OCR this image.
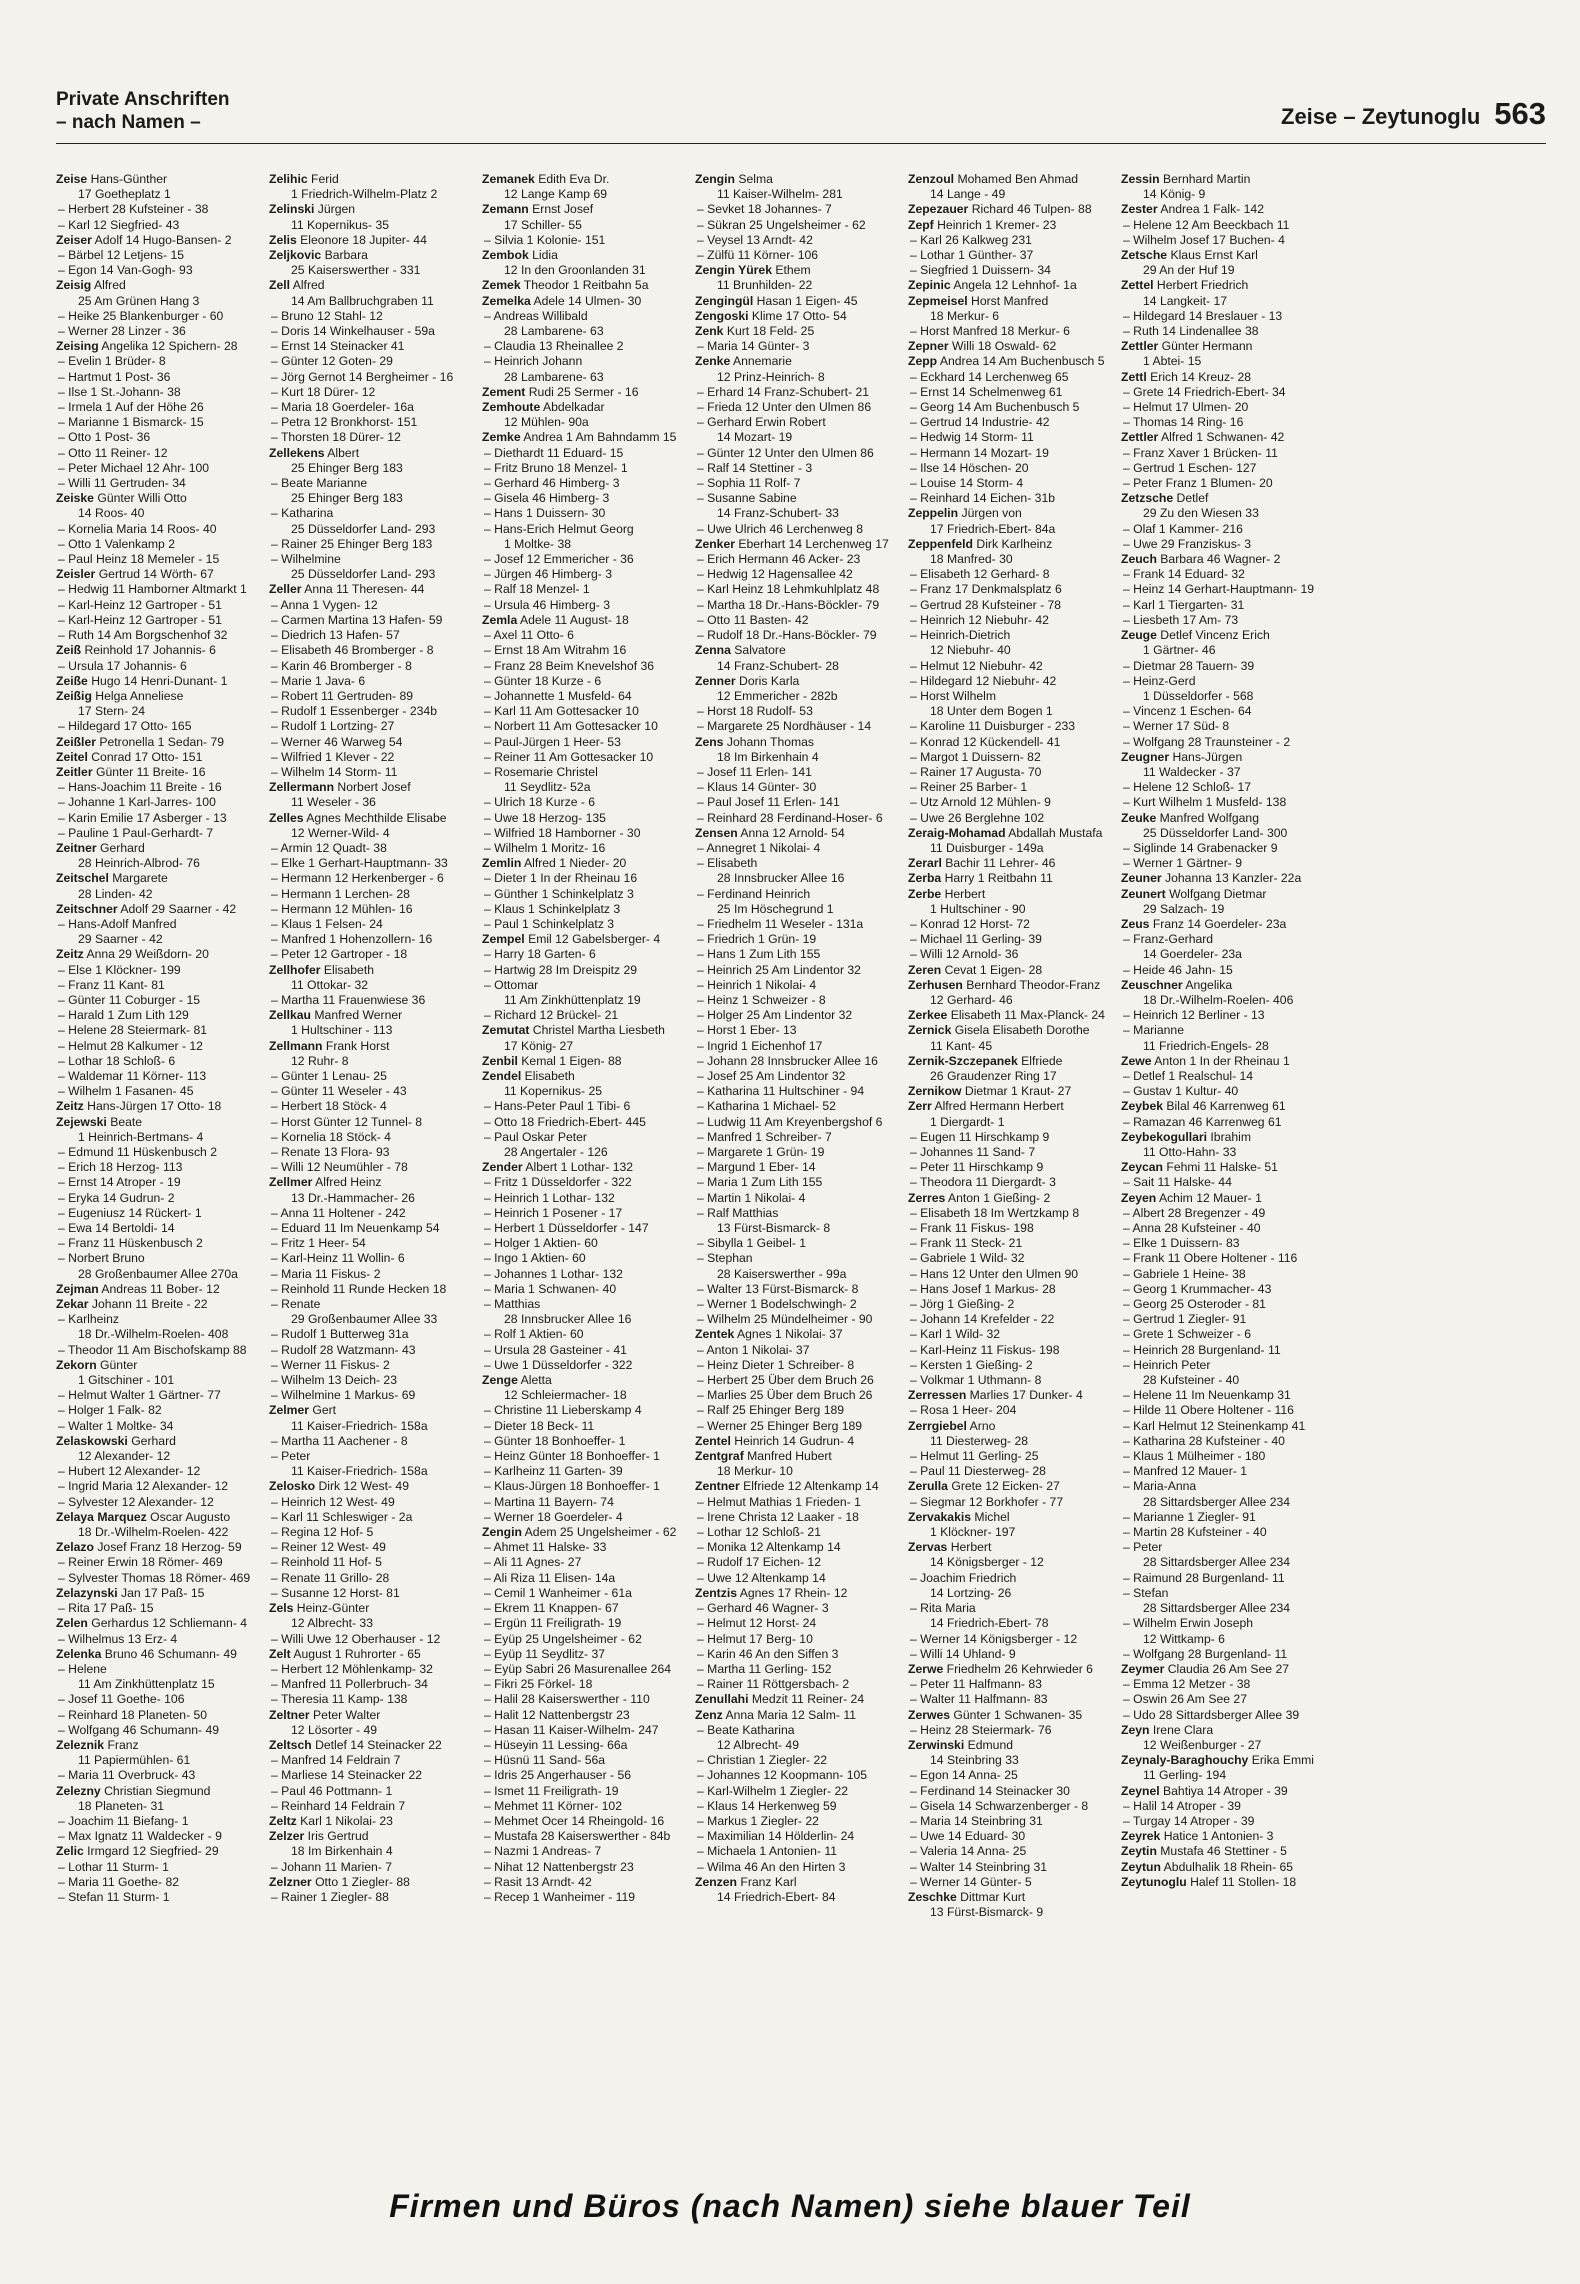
Private Anschriften
– nach Namen –	Zeise – Zeytunoglu 563
Zeise Hans-Günther
17 Goetheplatz 1
– Herbert 28 Kufsteiner - 38
– Karl 12 Siegfried- 43
Zeiser Adolf 14 Hugo-Bansen- 2
– Bärbel 12 Letjens- 15
– Egon 14 Van-Gogh- 93
Zeisig Alfred
25 Am Grünen Hang 3
– Heike 25 Blankenburger - 60
– Werner 28 Linzer - 36
Zeising Angelika 12 Spichern- 28
– Evelin 1 Brüder- 8
– Hartmut 1 Post- 36
– Ilse 1 St.-Johann- 38
– Irmela 1 Auf der Höhe 26
– Marianne 1 Bismarck- 15
– Otto 1 Post- 36
– Otto 11 Reiner- 12
– Peter Michael 12 Ahr- 100
– Willi 11 Gertruden- 34
Zeiske Günter Willi Otto
14 Roos- 40
– Kornelia Maria 14 Roos- 40
– Otto 1 Valenkamp 2
– Paul Heinz 18 Memeler - 15
Zeisler Gertrud 14 Wörth- 67
– Hedwig 11 Hamborner Altmarkt 1
– Karl-Heinz 12 Gartroper - 51
– Karl-Heinz 12 Gartroper - 51
– Ruth 14 Am Borgschenhof 32
Zeiß Reinhold 17 Johannis- 6
– Ursula 17 Johannis- 6
Zeiße Hugo 14 Henri-Dunant- 1
Zeißig Helga Anneliese
17 Stern- 24
– Hildegard 17 Otto- 165
Zeißler Petronella 1 Sedan- 79
Zeitel Conrad 17 Otto- 151
Zeitler Günter 11 Breite- 16
– Hans-Joachim 11 Breite - 16
– Johanne 1 Karl-Jarres- 100
– Karin Emilie 17 Asberger - 13
– Pauline 1 Paul-Gerhardt- 7
Zeitner Gerhard
28 Heinrich-Albrod- 76
Zeitschel Margarete
28 Linden- 42
Zeitschner Adolf 29 Saarner - 42
– Hans-Adolf Manfred
29 Saarner - 42
Zeitz Anna 29 Weißdorn- 20
– Else 1 Klöckner- 199
– Franz 11 Kant- 81
– Günter 11 Coburger - 15
– Harald 1 Zum Lith 129
– Helene 28 Steiermark- 81
– Helmut 28 Kalkumer - 12
– Lothar 18 Schloß- 6
– Waldemar 11 Körner- 113
– Wilhelm 1 Fasanen- 45
Zeitz Hans-Jürgen 17 Otto- 18
Zejewski Beate
1 Heinrich-Bertmans- 4
– Edmund 11 Hüskenbusch 2
– Erich 18 Herzog- 113
– Ernst 14 Atroper - 19
– Eryka 14 Gudrun- 2
– Eugeniusz 14 Rückert- 1
– Ewa 14 Bertoldi- 14
– Franz 11 Hüskenbusch 2
– Norbert Bruno
28 Großenbaumer Allee 270a
Zejman Andreas 11 Bober- 12
Zekar Johann 11 Breite - 22
– Karlheinz
18 Dr.-Wilhelm-Roelen- 408
– Theodor 11 Am Bischofskamp 88
Zekorn Günter
1 Gitschiner - 101
– Helmut Walter 1 Gärtner- 77
– Holger 1 Falk- 82
– Walter 1 Moltke- 34
Zelaskowski Gerhard
12 Alexander- 12
– Hubert 12 Alexander- 12
– Ingrid Maria 12 Alexander- 12
– Sylvester 12 Alexander- 12
Zelaya Marquez Oscar Augusto
18 Dr.-Wilhelm-Roelen- 422
Zelazo Josef Franz 18 Herzog- 59
– Reiner Erwin 18 Römer- 469
– Sylvester Thomas 18 Römer- 469
Zelazynski Jan 17 Paß- 15
– Rita 17 Paß- 15
Zelen Gerhardus 12 Schliemann- 4
– Wilhelmus 13 Erz- 4
Zelenka Bruno 46 Schumann- 49
– Helene
11 Am Zinkhüttenplatz 15
– Josef 11 Goethe- 106
– Reinhard 18 Planeten- 50
– Wolfgang 46 Schumann- 49
Zeleznik Franz
11 Papiermühlen- 61
– Maria 11 Overbruck- 43
Zelezny Christian Siegmund
18 Planeten- 31
– Joachim 11 Biefang- 1
– Max Ignatz 11 Waldecker - 9
Zelic Irmgard 12 Siegfried- 29
– Lothar 11 Sturm- 1
– Maria 11 Goethe- 82
– Stefan 11 Sturm- 1
Zelihic Ferid
1 Friedrich-Wilhelm-Platz 2
Zelinski Jürgen
11 Kopernikus- 35
Zelis Eleonore 18 Jupiter- 44
Zeljkovic Barbara
25 Kaiserswerther - 331
Zell Alfred
14 Am Ballbruchgraben 11
– Bruno 12 Stahl- 12
– Doris 14 Winkelhauser - 59a
– Ernst 14 Steinacker 41
– Günter 12 Goten- 29
– Jörg Gernot 14 Bergheimer - 16
– Kurt 18 Dürer- 12
– Maria 18 Goerdeler- 16a
– Petra 12 Bronkhorst- 151
– Thorsten 18 Dürer- 12
Zellekens Albert
25 Ehinger Berg 183
– Beate Marianne
25 Ehinger Berg 183
– Katharina
25 Düsseldorfer Land- 293
– Rainer 25 Ehinger Berg 183
– Wilhelmine
25 Düsseldorfer Land- 293
Zeller Anna 11 Theresen- 44
– Anna 1 Vygen- 12
– Carmen Martina 13 Hafen- 59
– Diedrich 13 Hafen- 57
– Elisabeth 46 Bromberger - 8
– Karin 46 Bromberger - 8
– Marie 1 Java- 6
– Robert 11 Gertruden- 89
– Rudolf 1 Essenberger - 234b
– Rudolf 1 Lortzing- 27
– Werner 46 Warweg 54
– Wilfried 1 Klever - 22
– Wilhelm 14 Storm- 11
Zellermann Norbert Josef
11 Weseler - 36
Zelles Agnes Mechthilde Elisabe
12 Werner-Wild- 4
– Armin 12 Quadt- 38
– Elke 1 Gerhart-Hauptmann- 33
– Hermann 12 Herkenberger - 6
– Hermann 1 Lerchen- 28
– Hermann 12 Mühlen- 16
– Klaus 1 Felsen- 24
– Manfred 1 Hohenzollern- 16
– Peter 12 Gartroper - 18
Zellhofer Elisabeth
11 Ottokar- 32
– Martha 11 Frauenwiese 36
Zellkau Manfred Werner
1 Hultschiner - 113
Zellmann Frank Horst
12 Ruhr- 8
– Günter 1 Lenau- 25
– Günter 11 Weseler - 43
– Herbert 18 Stöck- 4
– Horst Günter 12 Tunnel- 8
– Kornelia 18 Stöck- 4
– Renate 13 Flora- 93
– Willi 12 Neumühler - 78
Zellmer Alfred Heinz
13 Dr.-Hammacher- 26
– Anna 11 Holtener - 242
– Eduard 11 Im Neuenkamp 54
– Fritz 1 Heer- 54
– Karl-Heinz 11 Wollin- 6
– Maria 11 Fiskus- 2
– Reinhold 11 Runde Hecken 18
– Renate
29 Großenbaumer Allee 33
– Rudolf 1 Butterweg 31a
– Rudolf 28 Watzmann- 43
– Werner 11 Fiskus- 2
– Wilhelm 13 Deich- 23
– Wilhelmine 1 Markus- 69
Zelmer Gert
11 Kaiser-Friedrich- 158a
– Martha 11 Aachener - 8
– Peter
11 Kaiser-Friedrich- 158a
Zelosko Dirk 12 West- 49
– Heinrich 12 West- 49
– Karl 11 Schleswiger - 2a
– Regina 12 Hof- 5
– Reiner 12 West- 49
– Reinhold 11 Hof- 5
– Renate 11 Grillo- 28
– Susanne 12 Horst- 81
Zels Heinz-Günter
12 Albrecht- 33
– Willi Uwe 12 Oberhauser - 12
Zelt August 1 Ruhrorter - 65
– Herbert 12 Möhlenkamp- 32
– Manfred 11 Pollerbruch- 34
– Theresia 11 Kamp- 138
Zeltner Peter Walter
12 Lösorter - 49
Zeltsch Detlef 14 Steinacker 22
– Manfred 14 Feldrain 7
– Marliese 14 Steinacker 22
– Paul 46 Pottmann- 1
– Reinhard 14 Feldrain 7
Zeltz Karl 1 Nikolai- 23
Zelzer Iris Gertrud
18 Im Birkenhain 4
– Johann 11 Marien- 7
Zelzner Otto 1 Ziegler- 88
– Rainer 1 Ziegler- 88
Zemanek Edith Eva Dr.
12 Lange Kamp 69
Zemann Ernst Josef
17 Schiller- 55
– Silvia 1 Kolonie- 151
Zembok Lidia
12 In den Groonlanden 31
Zemek Theodor 1 Reitbahn 5a
Zemelka Adele 14 Ulmen- 30
– Andreas Willibald
28 Lambarene- 63
– Claudia 13 Rheinallee 2
– Heinrich Johann
28 Lambarene- 63
Zement Rudi 25 Sermer - 16
Zemhoute Abdelkadar
12 Mühlen- 90a
Zemke Andrea 1 Am Bahndamm 15
– Diethardt 11 Eduard- 15
– Fritz Bruno 18 Menzel- 1
– Gerhard 46 Himberg- 3
– Gisela 46 Himberg- 3
– Hans 1 Duissern- 30
– Hans-Erich Helmut Georg
1 Moltke- 38
– Josef 12 Emmericher - 36
– Jürgen 46 Himberg- 3
– Ralf 18 Menzel- 1
– Ursula 46 Himberg- 3
Zemla Adele 11 August- 18
– Axel 11 Otto- 6
– Ernst 18 Am Witrahm 16
– Franz 28 Beim Knevelshof 36
– Günter 18 Kurze - 6
– Johannette 1 Musfeld- 64
– Karl 11 Am Gottesacker 10
– Norbert 11 Am Gottesacker 10
– Paul-Jürgen 1 Heer- 53
– Reiner 11 Am Gottesacker 10
– Rosemarie Christel
11 Seydlitz- 52a
– Ulrich 18 Kurze - 6
– Uwe 18 Herzog- 135
– Wilfried 18 Hamborner - 30
– Wilhelm 1 Moritz- 16
Zemlin Alfred 1 Nieder- 20
– Dieter 1 In der Rheinau 16
– Günther 1 Schinkelplatz 3
– Klaus 1 Schinkelplatz 3
– Paul 1 Schinkelplatz 3
Zempel Emil 12 Gabelsberger- 4
– Harry 18 Garten- 6
– Hartwig 28 Im Dreispitz 29
– Ottomar
11 Am Zinkhüttenplatz 19
– Richard 12 Brückel- 21
Zemutat Christel Martha Liesbeth
17 König- 27
Zenbil Kemal 1 Eigen- 88
Zendel Elisabeth
11 Kopernikus- 25
– Hans-Peter Paul 1 Tibi- 6
– Otto 18 Friedrich-Ebert- 445
– Paul Oskar Peter
28 Angertaler - 126
Zender Albert 1 Lothar- 132
– Fritz 1 Düsseldorfer - 322
– Heinrich 1 Lothar- 132
– Heinrich 1 Posener - 17
– Herbert 1 Düsseldorfer - 147
– Holger 1 Aktien- 60
– Ingo 1 Aktien- 60
– Johannes 1 Lothar- 132
– Maria 1 Schwanen- 40
– Matthias
28 Innsbrucker Allee 16
– Rolf 1 Aktien- 60
– Ursula 28 Gasteiner - 41
– Uwe 1 Düsseldorfer - 322
Zenge Aletta
12 Schleiermacher- 18
– Christine 11 Lieberskamp 4
– Dieter 18 Beck- 11
– Günter 18 Bonhoeffer- 1
– Heinz Günter 18 Bonhoeffer- 1
– Karlheinz 11 Garten- 39
– Klaus-Jürgen 18 Bonhoeffer- 1
– Martina 11 Bayern- 74
– Werner 18 Goerdeler- 4
Zengin Adem 25 Ungelsheimer - 62
– Ahmet 11 Halske- 33
– Ali 11 Agnes- 27
– Ali Riza 11 Elisen- 14a
– Cemil 1 Wanheimer - 61a
– Ekrem 11 Knappen- 67
– Ergün 11 Freiligrath- 19
– Eyüp 25 Ungelsheimer - 62
– Eyüp 11 Seydlitz- 37
– Eyüp Sabri 26 Masurenallee 264
– Fikri 25 Förkel- 18
– Halil 28 Kaiserswerther - 110
– Halit 12 Nattenbergstr 23
– Hasan 11 Kaiser-Wilhelm- 247
– Hüseyin 11 Lessing- 66a
– Hüsnü 11 Sand- 56a
– Idris 25 Angerhauser - 56
– Ismet 11 Freiligrath- 19
– Mehmet 11 Körner- 102
– Mehmet Ocer 14 Rheingold- 16
– Mustafa 28 Kaiserswerther - 84b
– Nazmi 1 Andreas- 7
– Nihat 12 Nattenbergstr 23
– Rasit 13 Arndt- 42
– Recep 1 Wanheimer - 119
Zengin Selma
11 Kaiser-Wilhelm- 281
– Sevket 18 Johannes- 7
– Sükran 25 Ungelsheimer - 62
– Veysel 13 Arndt- 42
– Zülfü 11 Körner- 106
Zengin Yürek Ethem
11 Brunhilden- 22
Zengingül Hasan 1 Eigen- 45
Zengoski Klime 17 Otto- 54
Zenk Kurt 18 Feld- 25
– Maria 14 Günter- 3
Zenke Annemarie
12 Prinz-Heinrich- 8
– Erhard 14 Franz-Schubert- 21
– Frieda 12 Unter den Ulmen 86
– Gerhard Erwin Robert
14 Mozart- 19
– Günter 12 Unter den Ulmen 86
– Ralf 14 Stettiner - 3
– Sophia 11 Rolf- 7
– Susanne Sabine
14 Franz-Schubert- 33
– Uwe Ulrich 46 Lerchenweg 8
Zenker Eberhart 14 Lerchenweg 17
– Erich Hermann 46 Acker- 23
– Hedwig 12 Hagensallee 42
– Karl Heinz 18 Lehmkuhlplatz 48
– Martha 18 Dr.-Hans-Böckler- 79
– Otto 11 Basten- 42
– Rudolf 18 Dr.-Hans-Böckler- 79
Zenna Salvatore
14 Franz-Schubert- 28
Zenner Doris Karla
12 Emmericher - 282b
– Horst 18 Rudolf- 53
– Margarete 25 Nordhäuser - 14
Zens Johann Thomas
18 Im Birkenhain 4
– Josef 11 Erlen- 141
– Klaus 14 Günter- 30
– Paul Josef 11 Erlen- 141
– Reinhard 28 Ferdinand-Hoser- 6
Zensen Anna 12 Arnold- 54
– Annegret 1 Nikolai- 4
– Elisabeth
28 Innsbrucker Allee 16
– Ferdinand Heinrich
25 Im Höschegrund 1
– Friedhelm 11 Weseler - 131a
– Friedrich 1 Grün- 19
– Hans 1 Zum Lith 155
– Heinrich 25 Am Lindentor 32
– Heinrich 1 Nikolai- 4
– Heinz 1 Schweizer - 8
– Holger 25 Am Lindentor 32
– Horst 1 Eber- 13
– Ingrid 1 Eichenhof 17
– Johann 28 Innsbrucker Allee 16
– Josef 25 Am Lindentor 32
– Katharina 11 Hultschiner - 94
– Katharina 1 Michael- 52
– Ludwig 11 Am Kreyenbergshof 6
– Manfred 1 Schreiber- 7
– Margarete 1 Grün- 19
– Margund 1 Eber- 14
– Maria 1 Zum Lith 155
– Martin 1 Nikolai- 4
– Ralf Matthias
13 Fürst-Bismarck- 8
– Sibylla 1 Geibel- 1
– Stephan
28 Kaiserswerther - 99a
– Walter 13 Fürst-Bismarck- 8
– Werner 1 Bodelschwingh- 2
– Wilhelm 25 Mündelheimer - 90
Zentek Agnes 1 Nikolai- 37
– Anton 1 Nikolai- 37
– Heinz Dieter 1 Schreiber- 8
– Herbert 25 Über dem Bruch 26
– Marlies 25 Über dem Bruch 26
– Ralf 25 Ehinger Berg 189
– Werner 25 Ehinger Berg 189
Zentel Heinrich 14 Gudrun- 4
Zentgraf Manfred Hubert
18 Merkur- 10
Zentner Elfriede 12 Altenkamp 14
– Helmut Mathias 1 Frieden- 1
– Irene Christa 12 Laaker - 18
– Lothar 12 Schloß- 21
– Monika 12 Altenkamp 14
– Rudolf 17 Eichen- 12
– Uwe 12 Altenkamp 14
Zentzis Agnes 17 Rhein- 12
– Gerhard 46 Wagner- 3
– Helmut 12 Horst- 24
– Helmut 17 Berg- 10
– Karin 46 An den Siffen 3
– Martha 11 Gerling- 152
– Rainer 11 Röttgersbach- 2
Zenullahi Medzit 11 Reiner- 24
Zenz Anna Maria 12 Salm- 11
– Beate Katharina
12 Albrecht- 49
– Christian 1 Ziegler- 22
– Johannes 12 Koopmann- 105
– Karl-Wilhelm 1 Ziegler- 22
– Klaus 14 Herkenweg 59
– Markus 1 Ziegler- 22
– Maximilian 14 Hölderlin- 24
– Michaela 1 Antonien- 11
– Wilma 46 An den Hirten 3
Zenzen Franz Karl
14 Friedrich-Ebert- 84
Zenzoul Mohamed Ben Ahmad
14 Lange - 49
Zepezauer Richard 46 Tulpen- 88
Zepf Heinrich 1 Kremer- 23
– Karl 26 Kalkweg 231
– Lothar 1 Günther- 37
– Siegfried 1 Duissern- 34
Zepinic Angela 12 Lehnhof- 1a
Zepmeisel Horst Manfred
18 Merkur- 6
– Horst Manfred 18 Merkur- 6
Zepner Willi 18 Oswald- 62
Zepp Andrea 14 Am Buchenbusch 5
– Eckhard 14 Lerchenweg 65
– Ernst 14 Schelmenweg 61
– Georg 14 Am Buchenbusch 5
– Gertrud 14 Industrie- 42
– Hedwig 14 Storm- 11
– Hermann 14 Mozart- 19
– Ilse 14 Höschen- 20
– Louise 14 Storm- 4
– Reinhard 14 Eichen- 31b
Zeppelin Jürgen von
17 Friedrich-Ebert- 84a
Zeppenfeld Dirk Karlheinz
18 Manfred- 30
– Elisabeth 12 Gerhard- 8
– Franz 17 Denkmalsplatz 6
– Gertrud 28 Kufsteiner - 78
– Heinrich 12 Niebuhr- 42
– Heinrich-Dietrich
12 Niebuhr- 40
– Helmut 12 Niebuhr- 42
– Hildegard 12 Niebuhr- 42
– Horst Wilhelm
18 Unter dem Bogen 1
– Karoline 11 Duisburger - 233
– Konrad 12 Kückendell- 41
– Margot 1 Duissern- 82
– Rainer 17 Augusta- 70
– Reiner 25 Barber- 1
– Utz Arnold 12 Mühlen- 9
– Uwe 26 Berglehne 102
Zeraig-Mohamad Abdallah Mustafa
11 Duisburger - 149a
Zerarl Bachir 11 Lehrer- 46
Zerba Harry 1 Reitbahn 11
Zerbe Herbert
1 Hultschiner - 90
– Konrad 12 Horst- 72
– Michael 11 Gerling- 39
– Willi 12 Arnold- 36
Zeren Cevat 1 Eigen- 28
Zerhusen Bernhard Theodor-Franz
12 Gerhard- 46
Zerkee Elisabeth 11 Max-Planck- 24
Zernick Gisela Elisabeth Dorothe
11 Kant- 45
Zernik-Szczepanek Elfriede
26 Graudenzer Ring 17
Zernikow Dietmar 1 Kraut- 27
Zerr Alfred Hermann Herbert
1 Diergardt- 1
– Eugen 11 Hirschkamp 9
– Johannes 11 Sand- 7
– Peter 11 Hirschkamp 9
– Theodora 11 Diergardt- 3
Zerres Anton 1 Gießing- 2
– Elisabeth 18 Im Wertzkamp 8
– Frank 11 Fiskus- 198
– Frank 11 Steck- 21
– Gabriele 1 Wild- 32
– Hans 12 Unter den Ulmen 90
– Hans Josef 1 Markus- 28
– Jörg 1 Gießing- 2
– Johann 14 Krefelder - 22
– Karl 1 Wild- 32
– Karl-Heinz 11 Fiskus- 198
– Kersten 1 Gießing- 2
– Volkmar 1 Uthmann- 8
Zerressen Marlies 17 Dunker- 4
– Rosa 1 Heer- 204
Zerrgiebel Arno
11 Diesterweg- 28
– Helmut 11 Gerling- 25
– Paul 11 Diesterweg- 28
Zerulla Grete 12 Eicken- 27
– Siegmar 12 Borkhofer - 77
Zervakakis Michel
1 Klöckner- 197
Zervas Herbert
14 Königsberger - 12
– Joachim Friedrich
14 Lortzing- 26
– Rita Maria
14 Friedrich-Ebert- 78
– Werner 14 Königsberger - 12
– Willi 14 Uhland- 9
Zerwe Friedhelm 26 Kehrwieder 6
– Peter 11 Halfmann- 83
– Walter 11 Halfmann- 83
Zerwes Günter 1 Schwanen- 35
– Heinz 28 Steiermark- 76
Zerwinski Edmund
14 Steinbring 33
– Egon 14 Anna- 25
– Ferdinand 14 Steinacker 30
– Gisela 14 Schwarzenberger - 8
– Maria 14 Steinbring 31
– Uwe 14 Eduard- 30
– Valeria 14 Anna- 25
– Walter 14 Steinbring 31
– Werner 14 Günter- 5
Zeschke Dittmar Kurt
13 Fürst-Bismarck- 9
Zessin Bernhard Martin
14 König- 9
Zester Andrea 1 Falk- 142
– Helene 12 Am Beeckbach 11
– Wilhelm Josef 17 Buchen- 4
Zetsche Klaus Ernst Karl
29 An der Huf 19
Zettel Herbert Friedrich
14 Langkeit- 17
– Hildegard 14 Breslauer - 13
– Ruth 14 Lindenallee 38
Zettler Günter Hermann
1 Abtei- 15
Zettl Erich 14 Kreuz- 28
– Grete 14 Friedrich-Ebert- 34
– Helmut 17 Ulmen- 20
– Thomas 14 Ring- 16
Zettler Alfred 1 Schwanen- 42
– Franz Xaver 1 Brücken- 11
– Gertrud 1 Eschen- 127
– Peter Franz 1 Blumen- 20
Zetzsche Detlef
29 Zu den Wiesen 33
– Olaf 1 Kammer- 216
– Uwe 29 Franziskus- 3
Zeuch Barbara 46 Wagner- 2
– Frank 14 Eduard- 32
– Heinz 14 Gerhart-Hauptmann- 19
– Karl 1 Tiergarten- 31
– Liesbeth 17 Am- 73
Zeuge Detlef Vincenz Erich
1 Gärtner- 46
– Dietmar 28 Tauern- 39
– Heinz-Gerd
1 Düsseldorfer - 568
– Vincenz 1 Eschen- 64
– Werner 17 Süd- 8
– Wolfgang 28 Traunsteiner - 2
Zeugner Hans-Jürgen
11 Waldecker - 37
– Helene 12 Schloß- 17
– Kurt Wilhelm 1 Musfeld- 138
Zeuke Manfred Wolfgang
25 Düsseldorfer Land- 300
– Siglinde 14 Grabenacker 9
– Werner 1 Gärtner- 9
Zeuner Johanna 13 Kanzler- 22a
Zeunert Wolfgang Dietmar
29 Salzach- 19
Zeus Franz 14 Goerdeler- 23a
– Franz-Gerhard
14 Goerdeler- 23a
– Heide 46 Jahn- 15
Zeuschner Angelika
18 Dr.-Wilhelm-Roelen- 406
– Heinrich 12 Berliner - 13
– Marianne
11 Friedrich-Engels- 28
Zewe Anton 1 In der Rheinau 1
– Detlef 1 Realschul- 14
– Gustav 1 Kultur- 40
Zeybek Bilal 46 Karrenweg 61
– Ramazan 46 Karrenweg 61
Zeybekogullari Ibrahim
11 Otto-Hahn- 33
Zeycan Fehmi 11 Halske- 51
– Sait 11 Halske- 44
Zeyen Achim 12 Mauer- 1
– Albert 28 Bregenzer - 49
– Anna 28 Kufsteiner - 40
– Elke 1 Duissern- 83
– Frank 11 Obere Holtener - 116
– Gabriele 1 Heine- 38
– Georg 1 Krummacher- 43
– Georg 25 Osteroder - 81
– Gertrud 1 Ziegler- 91
– Grete 1 Schweizer - 6
– Heinrich 28 Burgenland- 11
– Heinrich Peter
28 Kufsteiner - 40
– Helene 11 Im Neuenkamp 31
– Hilde 11 Obere Holtener - 116
– Karl Helmut 12 Steinenkamp 41
– Katharina 28 Kufsteiner - 40
– Klaus 1 Mülheimer - 180
– Manfred 12 Mauer- 1
– Maria-Anna
28 Sittardsberger Allee 234
– Marianne 1 Ziegler- 91
– Martin 28 Kufsteiner - 40
– Peter
28 Sittardsberger Allee 234
– Raimund 28 Burgenland- 11
– Stefan
28 Sittardsberger Allee 234
– Wilhelm Erwin Joseph
12 Wittkamp- 6
– Wolfgang 28 Burgenland- 11
Zeymer Claudia 26 Am See 27
– Emma 12 Metzer - 38
– Oswin 26 Am See 27
– Udo 28 Sittardsberger Allee 39
Zeyn Irene Clara
12 Weißenburger - 27
Zeynaly-Baraghouchy Erika Emmi
11 Gerling- 194
Zeynel Bahtiya 14 Atroper - 39
– Halil 14 Atroper - 39
– Turgay 14 Atroper - 39
Zeyrek Hatice 1 Antonien- 3
Zeytin Mustafa 46 Stettiner - 5
Zeytun Abdulhalik 18 Rhein- 65
Zeytunoglu Halef 11 Stollen- 18
Firmen und Büros (nach Namen) siehe blauer Teil
